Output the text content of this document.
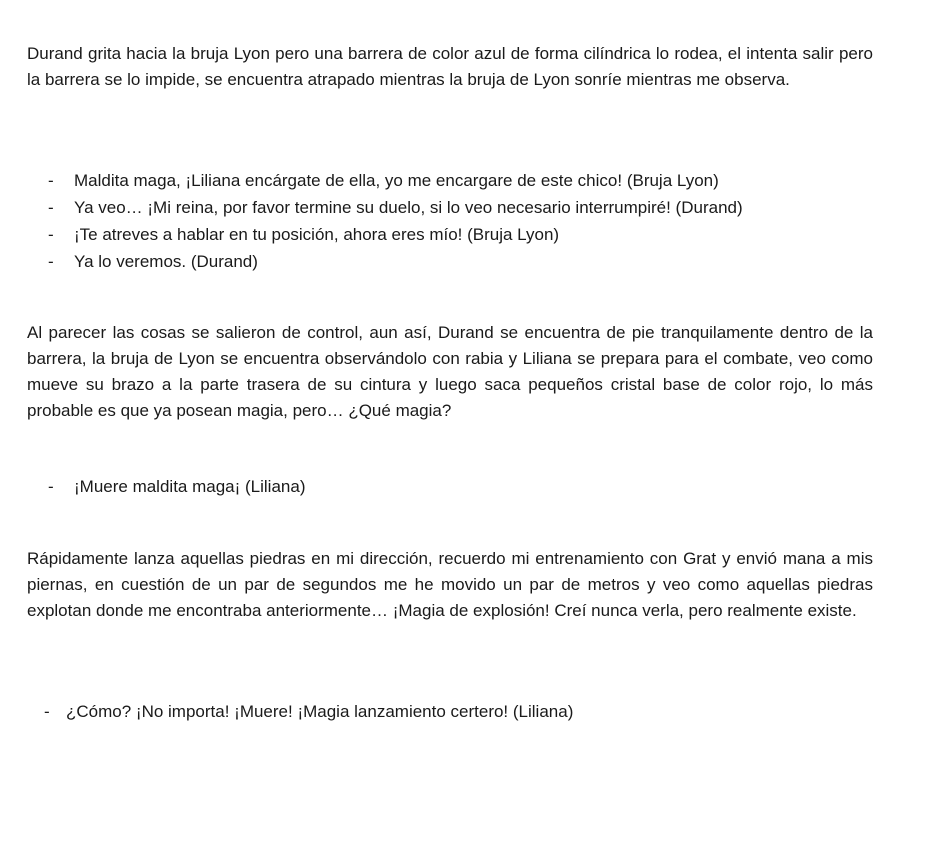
Durand grita hacia la bruja Lyon pero una barrera de color azul de forma cilíndrica lo rodea, el intenta salir pero la barrera se lo impide, se encuentra atrapado mientras la bruja de Lyon sonríe mientras me observa.

- Maldita maga, ¡Liliana encárgate de ella, yo me encargare de este chico! (Bruja Lyon)
- Ya veo… ¡Mi reina, por favor termine su duelo, si lo veo necesario interrumpiré! (Durand)
- ¡Te atreves a hablar en tu posición, ahora eres mío! (Bruja Lyon)
- Ya lo veremos. (Durand)

Al parecer las cosas se salieron de control, aun así, Durand se encuentra de pie tranquilamente dentro de la barrera, la bruja de Lyon se encuentra observándolo con rabia y Liliana se prepara para el combate, veo como mueve su brazo a la parte trasera de su cintura y luego saca pequeños cristal base de color rojo, lo más probable es que ya posean magia, pero… ¿Qué magia?

- ¡Muere maldita maga¡ (Liliana)

Rápidamente lanza aquellas piedras en mi dirección, recuerdo mi entrenamiento con Grat y envió mana a mis piernas, en cuestión de un par de segundos me he movido un par de metros y veo como aquellas piedras explotan donde me encontraba anteriormente… ¡Magia de explosión! Creí nunca verla, pero realmente existe.

- ¿Cómo? ¡No importa! ¡Muere! ¡Magia lanzamiento certero! (Liliana)
